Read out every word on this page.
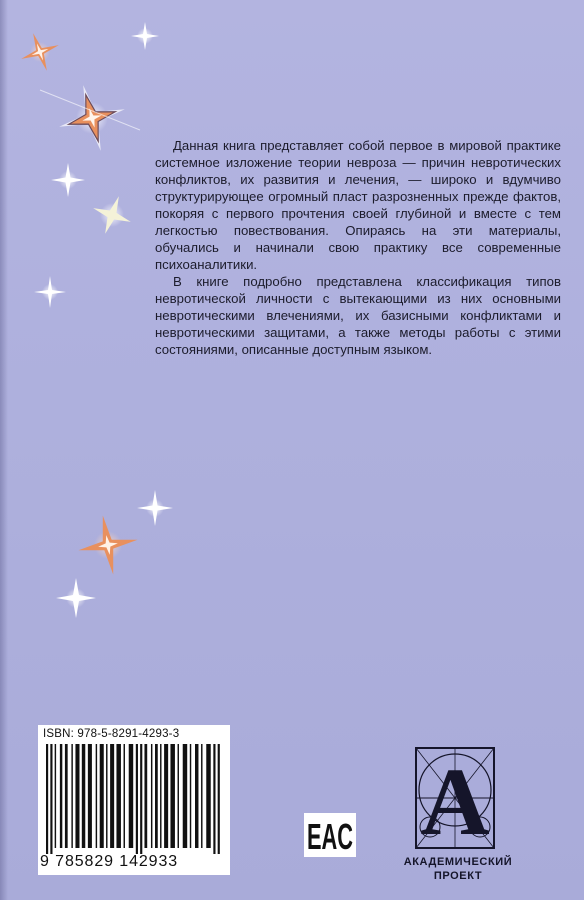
Данная книга представляет собой первое в мировой практике системное изложение теории невроза — причин невротических конфликтов, их развития и лечения, — широко и вдумчиво структурирующее огромный пласт разрозненных прежде фактов, покоряя с первого прочтения своей глубиной и вместе с тем легкостью повествования. Опираясь на эти материалы, обучались и начинали свою практику все современные психоаналитики.

В книге подробно представлена классификация типов невротической личности с вытекающими из них основными невротическими влечениями, их базисными конфликтами и невротическими защитами, а также методы работы с этими состояниями, описанные доступным языком.

ISBN: 978-5-8291-4293-3
9 785829 142933
EAC A
АКАДЕМИЧЕСКИЙ
ПРОЕКТ
